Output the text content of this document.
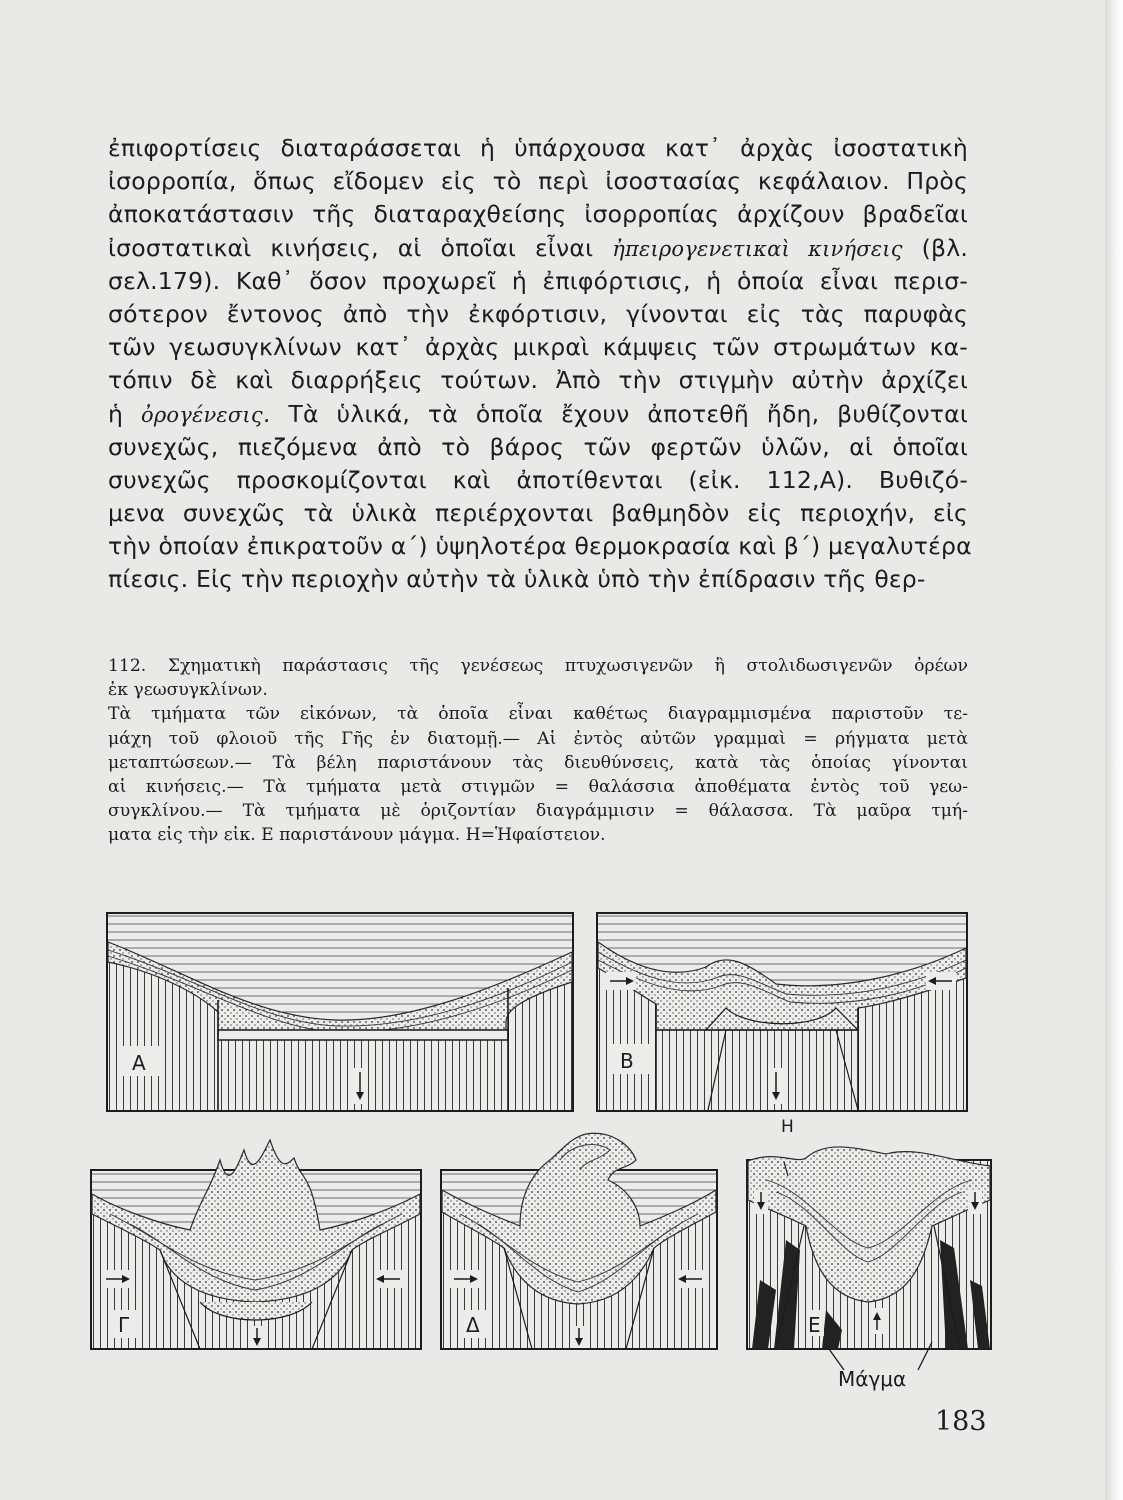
ἐπιφορτίσεις διαταράσσεται ἡ ὑπάρχουσα κατ᾽ ἀρχὰς ἰσοστατικὴ
ἰσορροπία, ὅπως εἴδομεν εἰς τὸ περὶ ἰσοστασίας κεφάλαιον. Πρὸς
ἀποκατάστασιν τῆς διαταραχθείσης ἰσορροπίας ἀρχίζουν βραδεῖαι
ἰσοστατικαὶ κινήσεις, αἱ ὁποῖαι εἶναι ἠπειρογενετικαὶ κινήσεις (βλ.
σελ.179). Καθ᾽ ὅσον προχωρεῖ ἡ ἐπιφόρτισις, ἡ ὁποία εἶναι περισ-
σότερον ἔντονος ἀπὸ τὴν ἐκφόρτισιν, γίνονται εἰς τὰς παρυφὰς
τῶν γεωσυγκλίνων κατ᾽ ἀρχὰς μικραὶ κάμψεις τῶν στρωμάτων κα-
τόπιν δὲ καὶ διαρρήξεις τούτων. Ἀπὸ τὴν στιγμὴν αὐτὴν ἀρχίζει
ἡ ὀρογένεσις. Τὰ ὑλικά, τὰ ὁποῖα ἔχουν ἀποτεθῆ ἤδη, βυθίζονται
συνεχῶς, πιεζόμενα ἀπὸ τὸ βάρος τῶν φερτῶν ὑλῶν, αἱ ὁποῖαι
συνεχῶς προσκομίζονται καὶ ἀποτίθενται (εἰκ. 112,Α). Βυθιζό-
μενα συνεχῶς τὰ ὑλικὰ περιέρχονται βαθμηδὸν εἰς περιοχήν, εἰς
τὴν ὁποίαν ἐπικρατοῦν α΄) ὑψηλοτέρα θερμοκρασία καὶ β΄) μεγαλυτέρα
πίεσις. Εἰς τὴν περιοχὴν αὐτὴν τὰ ὑλικὰ ὑπὸ τὴν ἐπίδρασιν τῆς θερ-
112. Σχηματικὴ παράστασις τῆς γενέσεως πτυχωσιγενῶν ἢ στολιδωσιγενῶν ὀρέων
ἐκ γεωσυγκλίνων.
Τὰ τμήματα τῶν εἰκόνων, τὰ ὁποῖα εἶναι καθέτως διαγραμμισμένα παριστοῦν τε-
μάχη τοῦ φλοιοῦ τῆς Γῆς ἐν διατομῇ.— Αἱ ἐντὸς αὐτῶν γραμμαὶ = ρήγματα μετὰ
μεταπτώσεων.— Τὰ βέλη παριστάνουν τὰς διευθύνσεις, κατὰ τὰς ὁποίας γίνονται
αἱ κινήσεις.— Τὰ τμήματα μετὰ στιγμῶν = θαλάσσια ἀποθέματα ἐντὸς τοῦ γεω-
συγκλίνου.— Τὰ τμήματα μὲ ὁριζοντίαν διαγράμμισιν = θάλασσα. Τὰ μαῦρα τμή-
ματα εἰς τὴν εἰκ. Ε παριστάνουν μάγμα. Η=Ἡφαίστειον.
Α	Β
Γ	Δ	Ε
Η
Μάγμα
183
